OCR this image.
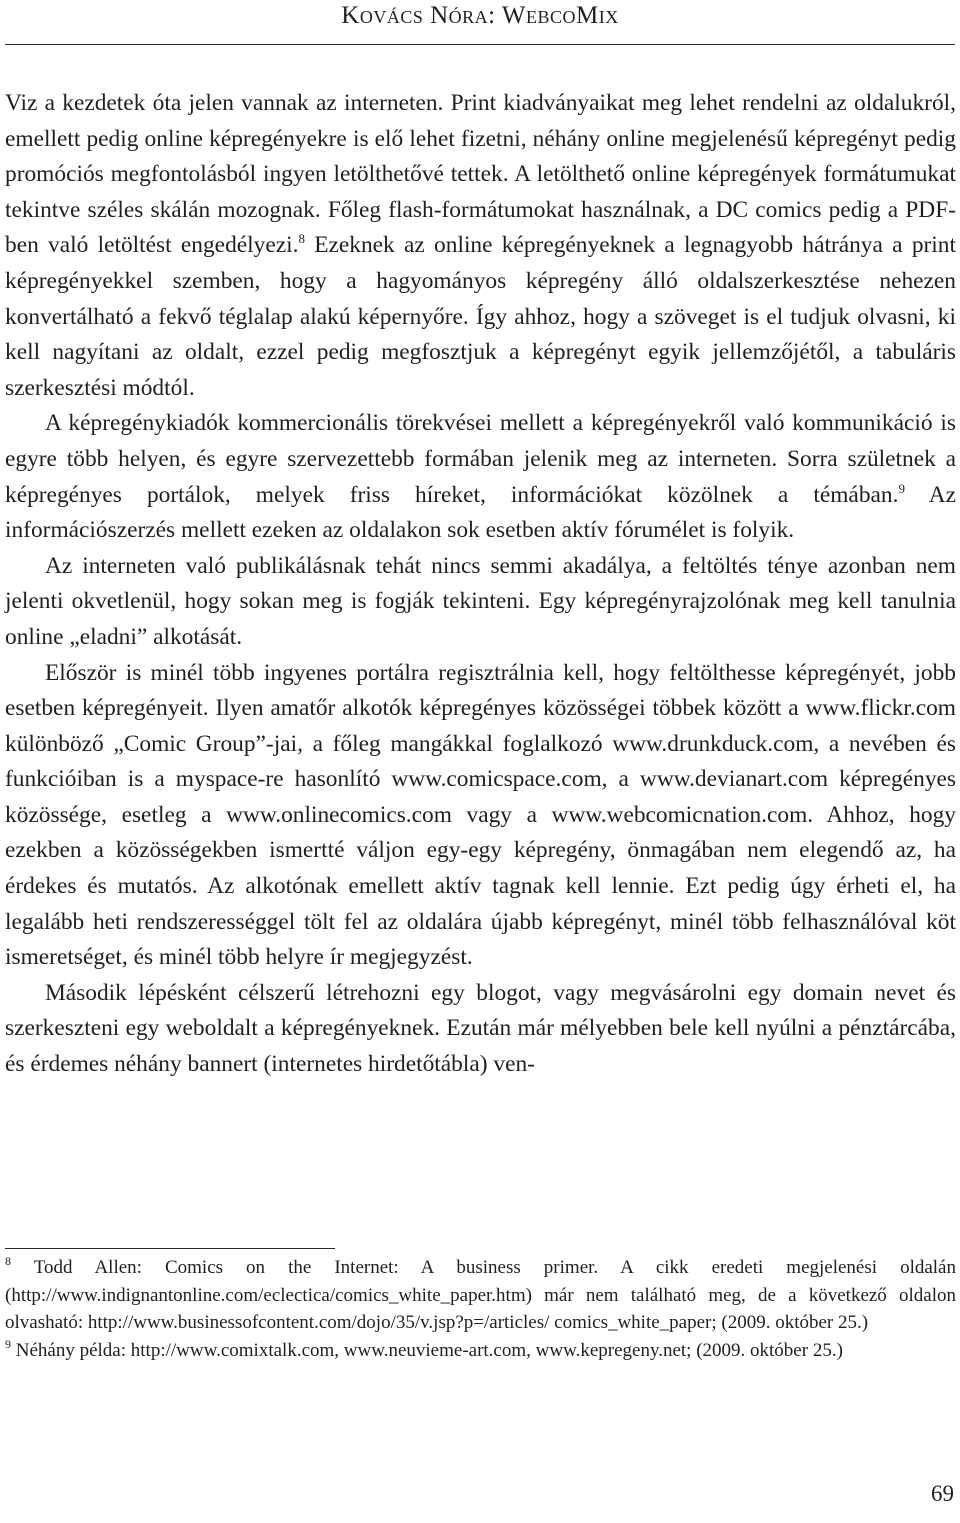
Kovács Nóra: WebcoMix

Viz a kezdetek óta jelen vannak az interneten. Print kiadványaikat meg lehet rendelni az oldalukról, emellett pedig online képregényekre is elő lehet fizetni, néhány online megjelenésű képregényt pedig promóciós megfontolásból ingyen letölthetővé tettek. A letölthető online képregények formátumukat tekintve széles skálán mozognak. Főleg flash-formátumokat használnak, a DC comics pedig a PDF-ben való letöltést engedélyezi.$^8$ Ezeknek az online képregényeknek a legnagyobb hátránya a print képregényekkel szemben, hogy a hagyományos képregény álló oldalszerkesztése nehezen konvertálható a fekvő téglalap alakú képernyőre. Így ahhoz, hogy a szöveget is el tudjuk olvasni, ki kell nagyítani az oldalt, ezzel pedig megfosztjuk a képregényt egyik jellemzőjétől, a tabuláris szerkesztési módtól.

A képregénykiadók kommercionális törekvései mellett a képregényekről való kommunikáció is egyre több helyen, és egyre szervezettebb formában jelenik meg az interneten. Sorra születnek a képregényes portálok, melyek friss híreket, információkat közölnek a témában.$^9$ Az információszerzés mellett ezeken az oldalakon sok esetben aktív fórumélet is folyik.

Az interneten való publikálásnak tehát nincs semmi akadálya, a feltöltés ténye azonban nem jelenti okvetlenül, hogy sokan meg is fogják tekinteni. Egy képregényrajzolónak meg kell tanulnia online „eladni” alkotását.

Először is minél több ingyenes portálra regisztrálnia kell, hogy feltölthesse képregényét, jobb esetben képregényeit. Ilyen amatőr alkotók képregényes közösségei többek között a www.flickr.com különböző „Comic Group”-jai, a főleg mangákkal foglalkozó www.drunkduck.com, a nevében és funkcióiban is a myspace-re hasonlító www.comicspace.com, a www.devianart.com képregényes közössége, esetleg a www.onlinecomics.com vagy a www.webcomicnation.com. Ahhoz, hogy ezekben a közösségekben ismertté váljon egy-egy képregény, önmagában nem elegendő az, ha érdekes és mutatós. Az alkotónak emellett aktív tagnak kell lennie. Ezt pedig úgy érheti el, ha legalább heti rendszerességgel tölt fel az oldalára újabb képregényt, minél több felhasználóval köt ismeretséget, és minél több helyre ír megjegyzést.

Második lépésként célszerű létrehozni egy blogot, vagy megvásárolni egy domain nevet és szerkeszteni egy weboldalt a képregényeknek. Ezután már mélyebben bele kell nyúlni a pénztárcába, és érdemes néhány bannert (internetes hirdetőtábla) ven-

$^8$ Todd Allen: Comics on the Internet: A business primer. A cikk eredeti megjelenési oldalán (http://www.indignantonline.com/eclectica/comics_white_paper.htm) már nem található meg, de a következő oldalon olvasható: http://www.businessofcontent.com/dojo/35/v.jsp?p=/articles/ comics_white_paper; (2009. október 25.)

$^9$ Néhány példa: http://www.comixtalk.com, www.neuvieme-art.com, www.kepregeny.net; (2009. október 25.)

69
